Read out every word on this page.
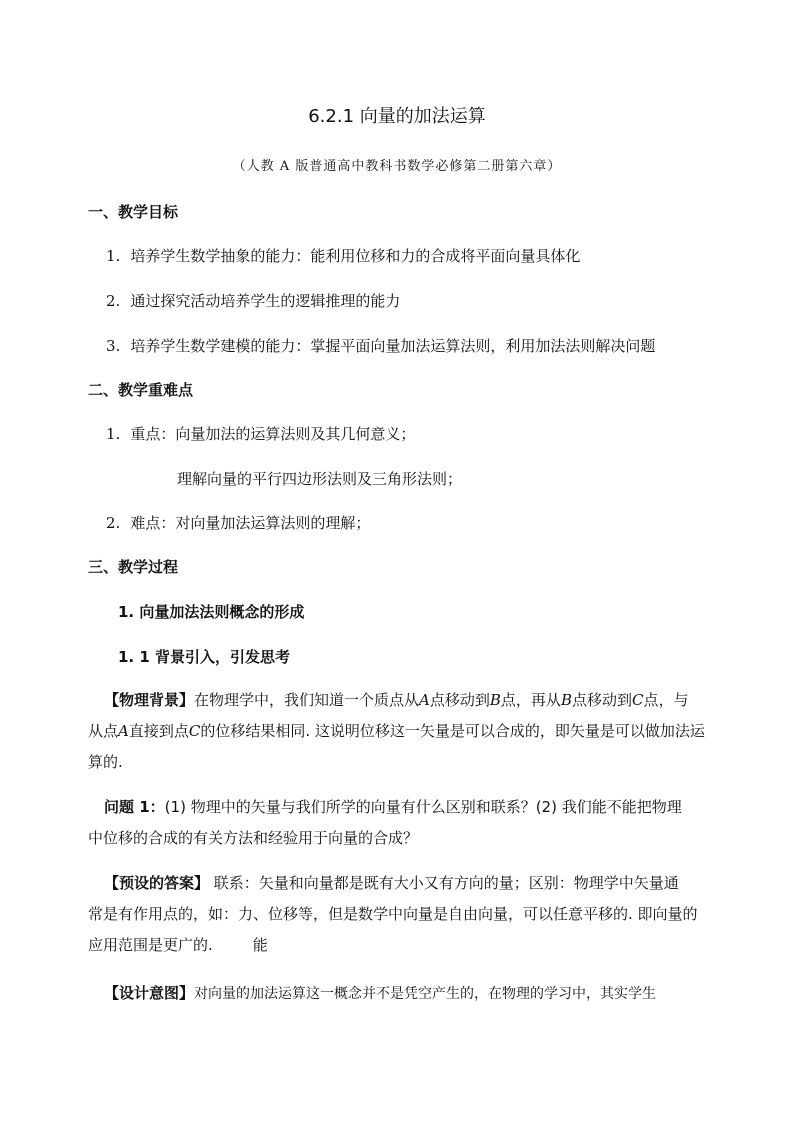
6.2.1 向量的加法运算
（人教 A 版普通高中教科书数学必修第二册第六章）
一、教学目标
1. 培养学生数学抽象的能力：能利用位移和力的合成将平面向量具体化
2. 通过探究活动培养学生的逻辑推理的能力
3. 培养学生数学建模的能力：掌握平面向量加法运算法则，利用加法法则解决问题
二、教学重难点
1. 重点：向量加法的运算法则及其几何意义；
理解向量的平行四边形法则及三角形法则；
2. 难点：对向量加法运算法则的理解；
三、教学过程
1. 向量加法法则概念的形成
1. 1 背景引入，引发思考
【物理背景】在物理学中，我们知道一个质点从A点移动到B点，再从B点移动到C点，与
从点A直接到点C的位移结果相同. 这说明位移这一矢量是可以合成的，即矢量是可以做加法运
算的.
问题 1：(1) 物理中的矢量与我们所学的向量有什么区别和联系？(2) 我们能不能把物理
中位移的合成的有关方法和经验用于向量的合成？
【预设的答案】 联系：矢量和向量都是既有大小又有方向的量；区别：物理学中矢量通
常是有作用点的，如：力、位移等，但是数学中向量是自由向量，可以任意平移的. 即向量的
应用范围是更广的.	能
【设计意图】对向量的加法运算这一概念并不是凭空产生的，在物理的学习中，其实学生
